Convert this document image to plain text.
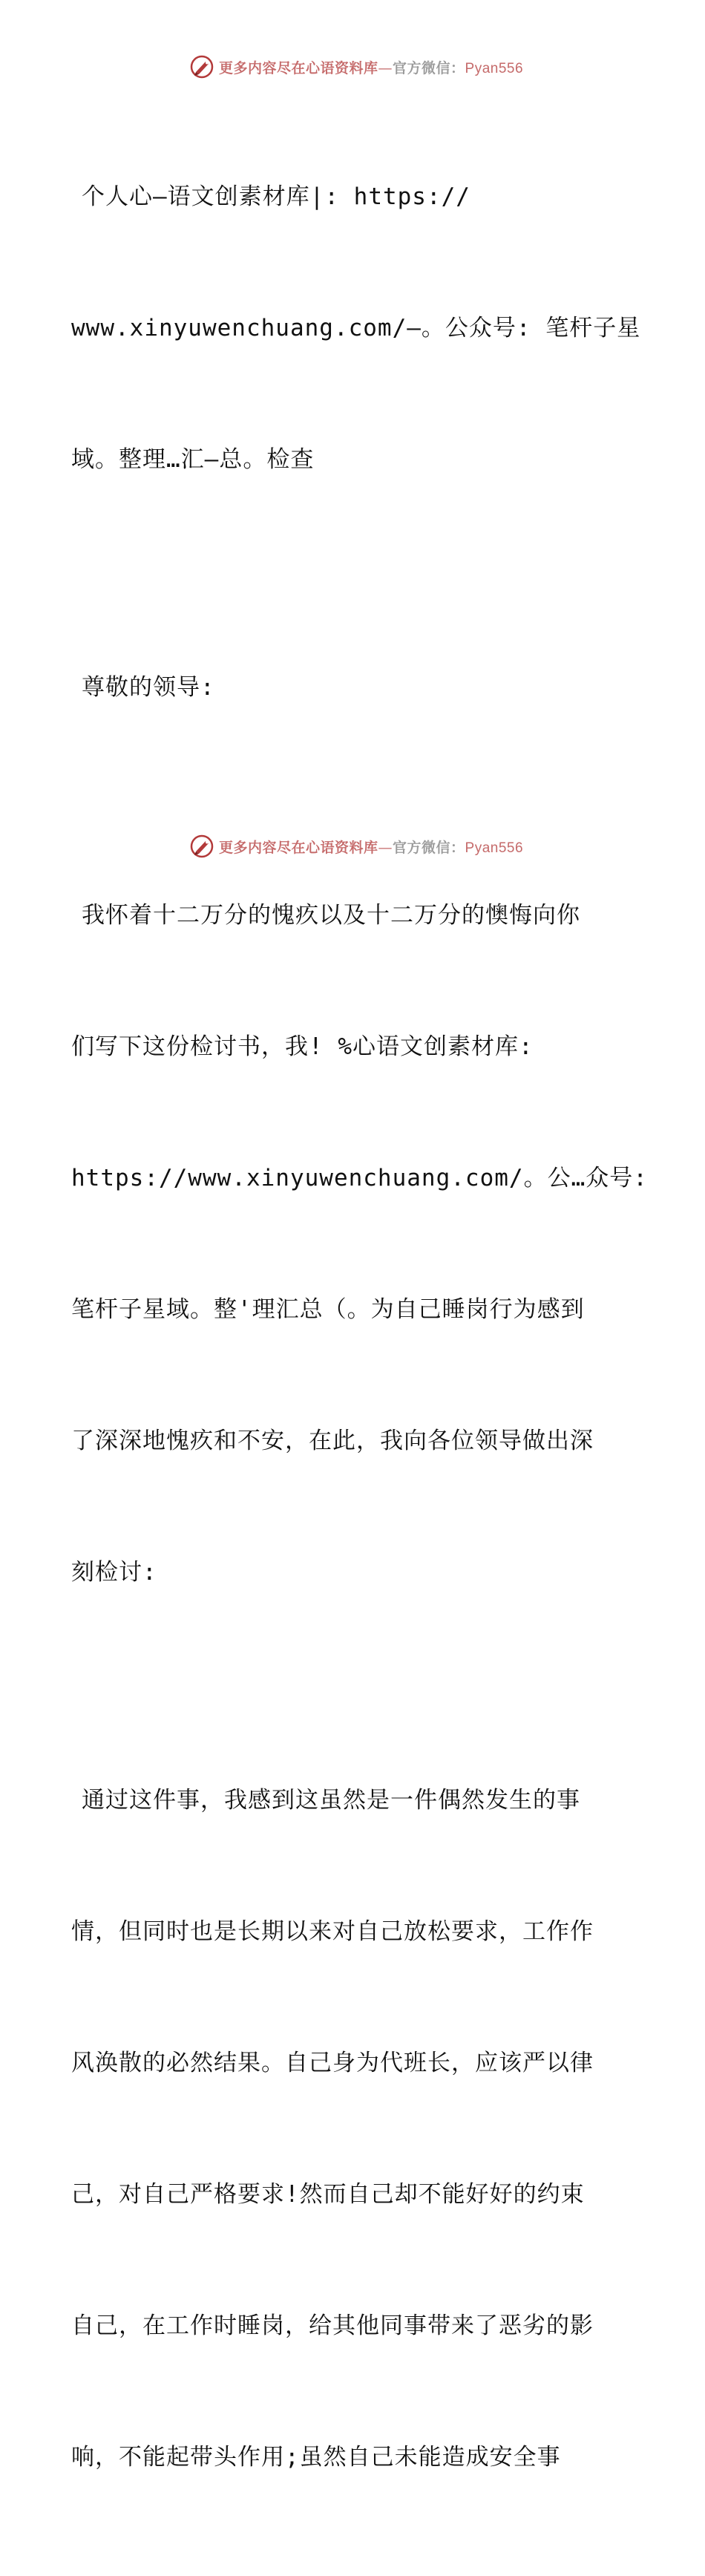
更多内容尽在心语资料库—官方微信：Pyan556

个人心—语文创素材库|: https://

www.xinyuwenchuang.com/—。公众号: 笔杆子星

域。整理…汇—总。检查

尊敬的领导:

我怀着十二万分的愧疚以及十二万分的懊悔向你

们写下这份检讨书，我! %心语文创素材库:

https://www.xinyuwenchuang.com/。公…众号:

笔杆子星域。整'理汇总（。为自己睡岗行为感到

了深深地愧疚和不安，在此，我向各位领导做出深

刻检讨:

通过这件事，我感到这虽然是一件偶然发生的事

情，但同时也是长期以来对自己放松要求，工作作

风涣散的必然结果。自己身为代班长，应该严以律

己，对自己严格要求!然而自己却不能好好的约束

自己，在工作时睡岗，给其他同事带来了恶劣的影

响，不能起带头作用;虽然自己未能造成安全事

更多内容尽在心语资料库—官方微信：Pyan556
